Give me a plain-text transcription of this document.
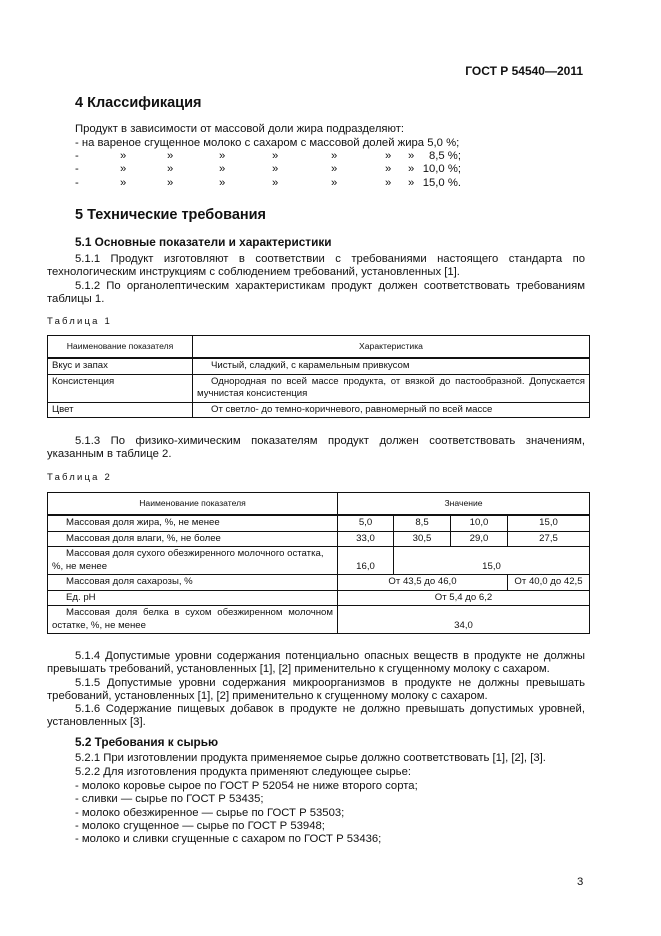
ГОСТ Р 54540—2011
4 Классификация
Продукт в зависимости от массовой доли жира подразделяют:
- на вареное сгущенное молоко с сахаром с массовой долей жира 5,0 %;
-	»	»	»	»	»	» » 8,5 %;
-	»	»	»	»	»	» » 10,0 %;
-	»	»	»	»	»	» » 15,0 %.
5 Технические требования
5.1 Основные показатели и характеристики
5.1.1 Продукт изготовляют в соответствии с требованиями настоящего стандарта по технологическим инструкциям с соблюдением требований, установленных [1].
5.1.2 По органолептическим характеристикам продукт должен соответствовать требованиям таблицы 1.
Таблица 1
Наименование показателя	Характеристика
Вкус и запах	Чистый, сладкий, с карамельным привкусом
Консистенция	Однородная по всей массе продукта, от вязкой до пастообразной. Допускается мучнистая консистенция
Цвет	От светло- до темно-коричневого, равномерный по всей массе
5.1.3 По физико-химическим показателям продукт должен соответствовать значениям, указанным в таблице 2.
Таблица 2
Наименование показателя	Значение			
Массовая доля жира, %, не менее	5,0	8,5	10,0	15,0
Массовая доля влаги, %, не более	33,0	30,5	29,0	27,5
Массовая доля сухого обезжиренного молочного остатка, %, не менее	16,0	15,0		
Массовая доля сахарозы, %	От 43,5 до 46,0			От 40,0 до 42,5
Ед. pH	От 5,4 до 6,2			
Массовая доля белка в сухом обезжиренном молочном остатке, %, не менее	34,0			
5.1.4 Допустимые уровни содержания потенциально опасных веществ в продукте не должны превышать требований, установленных [1], [2] применительно к сгущенному молоку с сахаром.
5.1.5 Допустимые уровни содержания микроорганизмов в продукте не должны превышать требований, установленных [1], [2] применительно к сгущенному молоку с сахаром.
5.1.6 Содержание пищевых добавок в продукте не должно превышать допустимых уровней, установленных [3].
5.2 Требования к сырью
5.2.1 При изготовлении продукта применяемое сырье должно соответствовать [1], [2], [3].
5.2.2 Для изготовления продукта применяют следующее сырье:
- молоко коровье сырое по ГОСТ Р 52054 не ниже второго сорта;
- сливки — сырье по ГОСТ Р 53435;
- молоко обезжиренное — сырье по ГОСТ Р 53503;
- молоко сгущенное — сырье по ГОСТ Р 53948;
- молоко и сливки сгущенные с сахаром по ГОСТ Р 53436;
3
